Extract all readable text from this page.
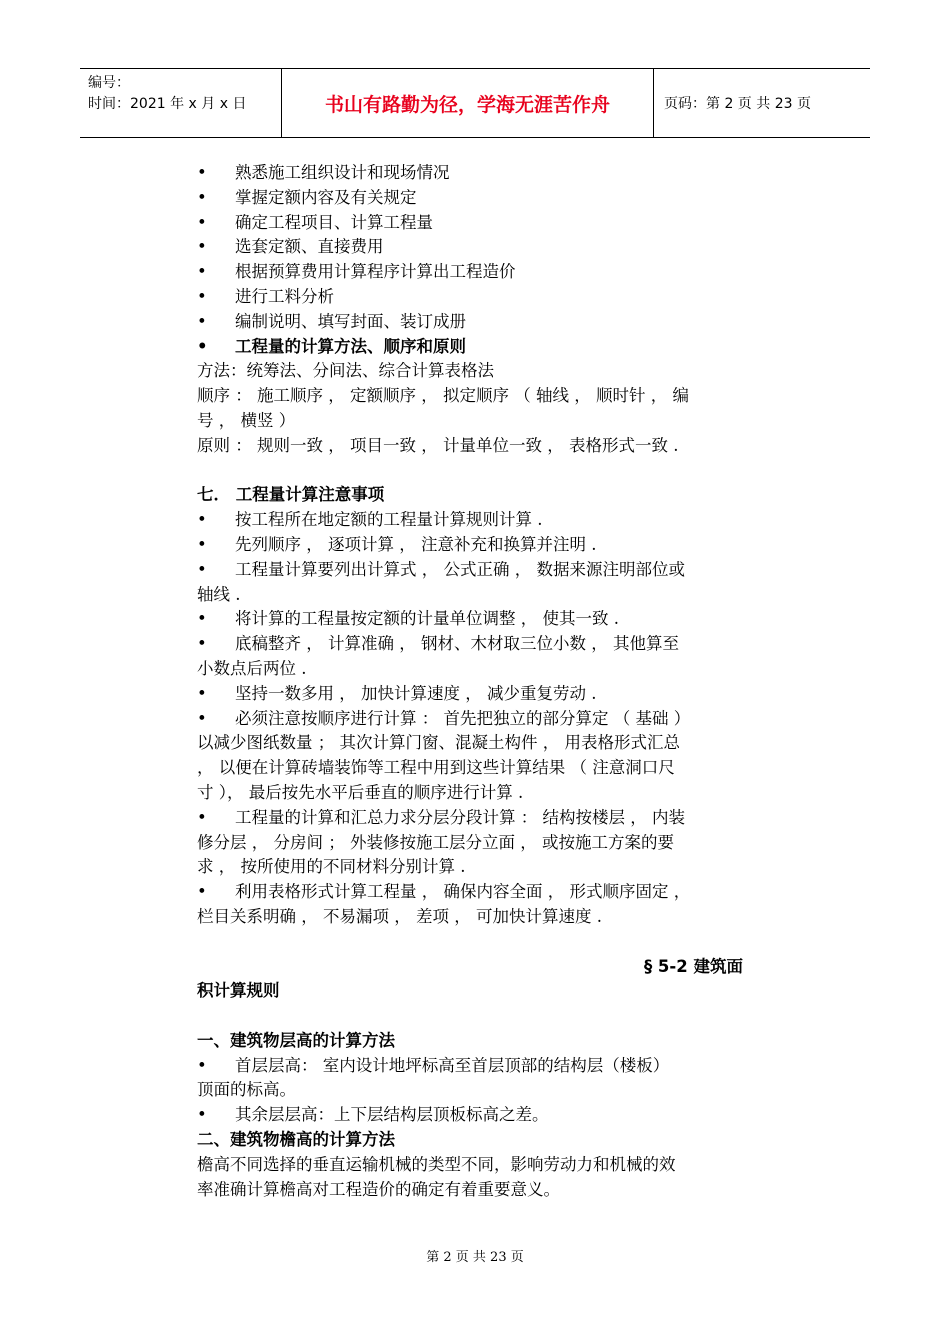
编号：
时间：2021 年 x 月 x 日	书山有路勤为径，学海无涯苦作舟	页码：第 2 页 共 23 页
• 熟悉施工组织设计和现场情况
• 掌握定额内容及有关规定
• 确定工程项目、计算工程量
• 选套定额、直接费用
• 根据预算费用计算程序计算出工程造价
• 进行工料分析
• 编制说明、填写封面、装订成册
• 工程量的计算方法、顺序和原则
方法：统筹法、分间法、综合计算表格法
顺序 ： 施工顺序 ， 定额顺序 ， 拟定顺序 （ 轴线 ， 顺时针 ， 编
号 ， 横竖 ）
原则 ： 规则一致 ， 项目一致 ， 计量单位一致 ， 表格形式一致 .
七． 工程量计算注意事项
• 按工程所在地定额的工程量计算规则计算 .
• 先列顺序 ， 逐项计算 ， 注意补充和换算并注明 .
• 工程量计算要列出计算式 ， 公式正确 ， 数据来源注明部位或
轴线 .
• 将计算的工程量按定额的计量单位调整 ， 使其一致 .
• 底稿整齐 ， 计算准确 ， 钢材、木材取三位小数 ， 其他算至
小数点后两位 .
• 坚持一数多用 ， 加快计算速度 ， 减少重复劳动 .
• 必须注意按顺序进行计算 ： 首先把独立的部分算定 （ 基础 ）
以减少图纸数量 ； 其次计算门窗、混凝土构件 ， 用表格形式汇总
， 以便在计算砖墙装饰等工程中用到这些计算结果 （ 注意洞口尺
寸 ）， 最后按先水平后垂直的顺序进行计算 .
• 工程量的计算和汇总力求分层分段计算 ： 结构按楼层 ， 内装
修分层 ， 分房间 ； 外装修按施工层分立面 ， 或按施工方案的要
求 ， 按所使用的不同材料分别计算 .
• 利用表格形式计算工程量 ， 确保内容全面 ， 形式顺序固定 ，
栏目关系明确 ， 不易漏项 ， 差项 ， 可加快计算速度 .
§ 5-2 建筑面
积计算规则
一、建筑物层高的计算方法
• 首层层高： 室内设计地坪标高至首层顶部的结构层（楼板）
顶面的标高。
• 其余层层高：上下层结构层顶板标高之差。
二、建筑物檐高的计算方法
檐高不同选择的垂直运输机械的类型不同，影响劳动力和机械的效
率准确计算檐高对工程造价的确定有着重要意义。
第 2 页 共 23 页
